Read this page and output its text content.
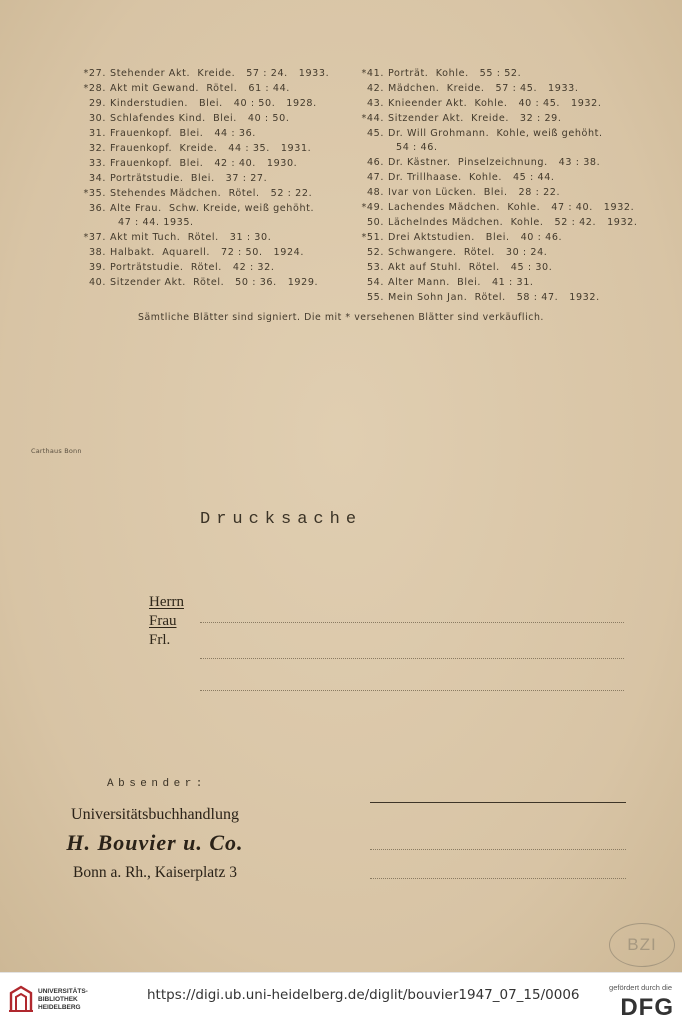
*27. Stehender Akt.  Kreide.   57 : 24.   1933.
*28. Akt mit Gewand.  Rötel.   61 : 44.
29. Kinderstudien.   Blei.   40 : 50.   1928.
30. Schlafendes Kind.  Blei.   40 : 50.
31. Frauenkopf.  Blei.   44 : 36.
32. Frauenkopf.  Kreide.   44 : 35.   1931.
33. Frauenkopf.  Blei.   42 : 40.   1930.
34. Porträtstudie.  Blei.   37 : 27.
*35. Stehendes Mädchen.  Rötel.   52 : 22.
36. Alte Frau.  Schw. Kreide, weiß gehöht.
47 : 44. 1935.
*37. Akt mit Tuch.  Rötel.   31 : 30.
38. Halbakt.  Aquarell.   72 : 50.   1924.
39. Porträtstudie.  Rötel.   42 : 32.
40. Sitzender Akt.  Rötel.   50 : 36.   1929.
*41. Porträt.  Kohle.   55 : 52.
42. Mädchen.  Kreide.   57 : 45.   1933.
43. Knieender Akt.  Kohle.   40 : 45.   1932.
*44. Sitzender Akt.  Kreide.   32 : 29.
45. Dr. Will Grohmann.  Kohle, weiß gehöht.
54 : 46.
46. Dr. Kästner.  Pinselzeichnung.   43 : 38.
47. Dr. Trillhaase.  Kohle.   45 : 44.
48. Ivar von Lücken.  Blei.   28 : 22.
*49. Lachendes Mädchen.  Kohle.   47 : 40.   1932.
50. Lächelndes Mädchen.  Kohle.   52 : 42.   1932.
*51. Drei Aktstudien.   Blei.   40 : 46.
52. Schwangere.  Rötel.   30 : 24.
53. Akt auf Stuhl.  Rötel.   45 : 30.
54. Alter Mann.  Blei.   41 : 31.
55. Mein Sohn Jan.  Rötel.   58 : 47.   1932.
Sämtliche Blätter sind signiert. Die mit * versehenen Blätter sind verkäuflich.
Carthaus Bonn
Drucksache
Herrn
Frau
Frl.
Absender:
Universitätsbuchhandlung
H. Bouvier u. Co.
Bonn a. Rh., Kaiserplatz 3
BZI
UNIVERSITÄTS-
BIBLIOTHEK
HEIDELBERG
https://digi.ub.uni-heidelberg.de/diglit/bouvier1947_07_15/0006	gefördert durch die
DFG
